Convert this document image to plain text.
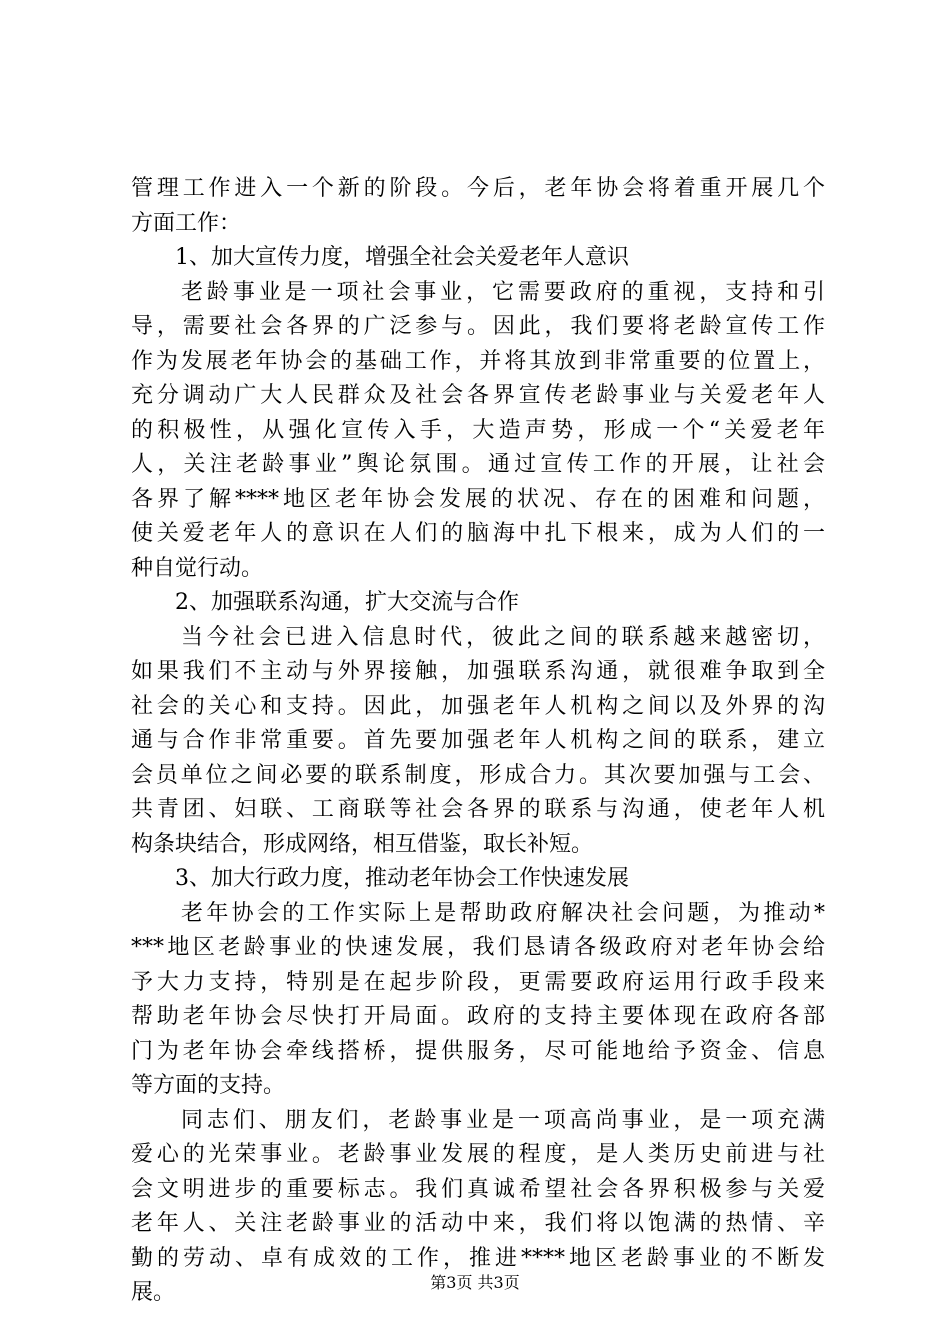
管理工作进入一个新的阶段。今后，老年协会将着重开展几个
方面工作：
1、加大宣传力度，增强全社会关爱老年人意识
老龄事业是一项社会事业，它需要政府的重视，支持和引
导，需要社会各界的广泛参与。因此，我们要将老龄宣传工作
作为发展老年协会的基础工作，并将其放到非常重要的位置上，
充分调动广大人民群众及社会各界宣传老龄事业与关爱老年人
的积极性，从强化宣传入手，大造声势，形成一个“关爱老年
人，关注老龄事业”舆论氛围。通过宣传工作的开展，让社会
各界了解****地区老年协会发展的状况、存在的困难和问题，
使关爱老年人的意识在人们的脑海中扎下根来，成为人们的一
种自觉行动。
2、加强联系沟通，扩大交流与合作
当今社会已进入信息时代，彼此之间的联系越来越密切，
如果我们不主动与外界接触，加强联系沟通，就很难争取到全
社会的关心和支持。因此，加强老年人机构之间以及外界的沟
通与合作非常重要。首先要加强老年人机构之间的联系，建立
会员单位之间必要的联系制度，形成合力。其次要加强与工会、
共青团、妇联、工商联等社会各界的联系与沟通，使老年人机
构条块结合，形成网络，相互借鉴，取长补短。
3、加大行政力度，推动老年协会工作快速发展
老年协会的工作实际上是帮助政府解决社会问题，为推动*
***地区老龄事业的快速发展，我们恳请各级政府对老年协会给
予大力支持，特别是在起步阶段，更需要政府运用行政手段来
帮助老年协会尽快打开局面。政府的支持主要体现在政府各部
门为老年协会牵线搭桥，提供服务，尽可能地给予资金、信息
等方面的支持。
同志们、朋友们，老龄事业是一项高尚事业，是一项充满
爱心的光荣事业。老龄事业发展的程度，是人类历史前进与社
会文明进步的重要标志。我们真诚希望社会各界积极参与关爱
老年人、关注老龄事业的活动中来，我们将以饱满的热情、辛
勤的劳动、卓有成效的工作，推进****地区老龄事业的不断发
展。	第3页 共3页
